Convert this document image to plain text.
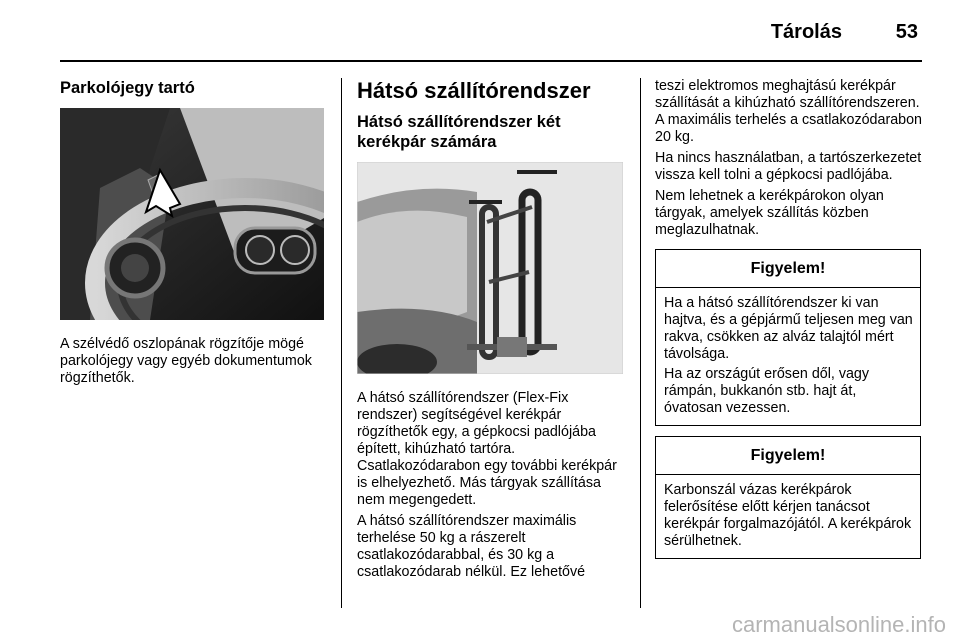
Tárolás	53
Parkolójegy tartó

A szélvédő oszlopának rögzítője mögé parkolójegy vagy egyéb dokumentumok rögzíthetők.

Hátsó szállítórendszer
Hátsó szállítórendszer két kerékpár számára

A hátsó szállítórendszer (Flex-Fix rendszer) segítségével kerékpár rögzíthetők egy, a gépkocsi padlójába épített, kihúzható tartóra. Csatlakozódarabon egy további kerékpár is elhelyezhető. Más tárgyak szállítása nem megengedett.

A hátsó szállítórendszer maximális terhelése 50 kg a rászerelt csatlakozódarabbal, és 30 kg a csatlakozódarab nélkül. Ez lehetővé

teszi elektromos meghajtású kerékpár szállítását a kihúzható szállítórendszeren. A maximális terhelés a csatlakozódarabon 20 kg.

Ha nincs használatban, a tartószerkezetet vissza kell tolni a gépkocsi padlójába.

Nem lehetnek a kerékpárokon olyan tárgyak, amelyek szállítás közben meglazulhatnak.

Figyelem!

Ha a hátsó szállítórendszer ki van hajtva, és a gépjármű teljesen meg van rakva, csökken az alváz talajtól mért távolsága.

Ha az országút erősen dől, vagy rámpán, bukkanón stb. hajt át, óvatosan vezessen.

Figyelem!

Karbonszál vázas kerékpárok felerősítése előtt kérjen tanácsot kerékpár forgalmazójától. A kerékpárok sérülhetnek.

carmanualsonline.info
